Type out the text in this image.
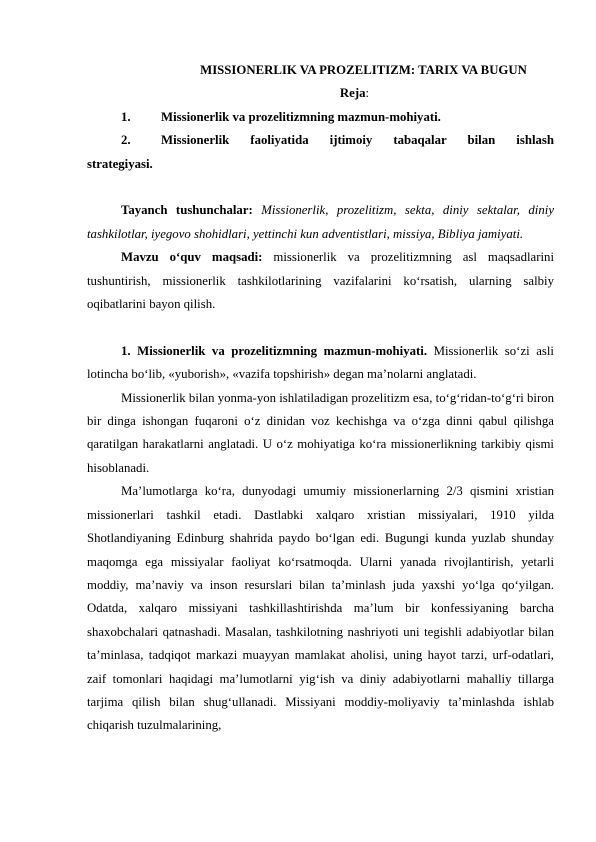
MISSIONERLIK VA PROZELITIZM: TARIX VA BUGUN
Reja:
1.	Missionerlik va prozelitizmning mazmun-mohiyati.
2.	Missionerlik faoliyatida ijtimoiy tabaqalar bilan ishlash
strategiyasi.

Tayanch tushunchalar: Missionerlik, prozelitizm, sekta, diniy sektalar, diniy tashkilotlar, iyegovo shohidlari, yettinchi kun adventistlari, missiya, Bibliya jamiyati.

Mavzu oʻquv maqsadi: missionerlik va prozelitizmning asl maqsadlarini tushuntirish, missionerlik tashkilotlarining vazifalarini koʻrsatish, ularning salbiy oqibatlarini bayon qilish.

1. Missionerlik va prozelitizmning mazmun-mohiyati. Missionerlik soʻzi asli lotincha boʻlib, «yuborish», «vazifa topshirish» degan maʼnolarni anglatadi.

Missionerlik bilan yonma-yon ishlatiladigan prozelitizm esa, toʻgʻridan-toʻgʻri biron bir dinga ishongan fuqaroni oʻz dinidan voz kechishga va oʻzga dinni qabul qilishga qaratilgan harakatlarni anglatadi. U oʻz mohiyatiga koʻra missionerlikning tarkibiy qismi hisoblanadi.

Maʼlumotlarga koʻra, dunyodagi umumiy missionerlarning 2/3 qismini xristian missionerlari tashkil etadi. Dastlabki xalqaro xristian missiyalari, 1910 yilda Shotlandiyaning Edinburg shahrida paydo boʻlgan edi. Bugungi kunda yuzlab shunday maqomga ega missiyalar faoliyat koʻrsatmoqda. Ularni yanada rivojlantirish, yetarli moddiy, maʼnaviy va inson resurslari bilan taʼminlash juda yaxshi yoʻlga qoʻyilgan. Odatda, xalqaro missiyani tashkillashtirishda maʼlum bir konfessiyaning barcha shaxobchalari qatnashadi. Masalan, tashkilotning nashriyoti uni tegishli adabiyotlar bilan taʼminlasa, tadqiqot markazi muayyan mamlakat aholisi, uning hayot tarzi, urf-odatlari, zaif tomonlari haqidagi maʼlumotlarni yigʻish va diniy adabiyotlarni mahalliy tillarga tarjima qilish bilan shugʻullanadi. Missiyani moddiy-moliyaviy taʼminlashda ishlab chiqarish tuzulmalarining,
